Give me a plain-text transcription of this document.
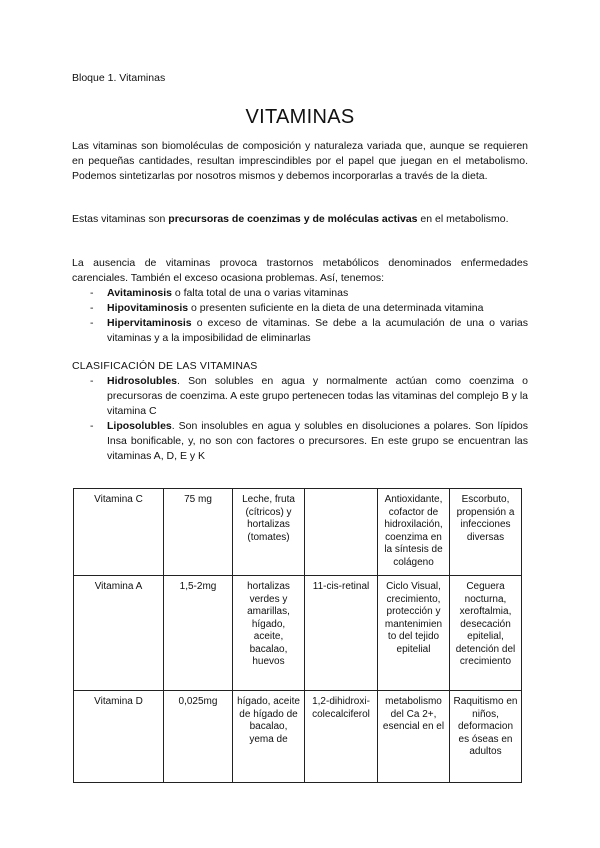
Bloque 1. Vitaminas
VITAMINAS
Las vitaminas son biomoléculas de composición y naturaleza variada que, aunque se requieren en pequeñas cantidades, resultan imprescindibles por el papel que juegan en el metabolismo. Podemos sintetizarlas por nosotros mismos y debemos incorporarlas a través de la dieta.
Estas vitaminas son precursoras de coenzimas y de moléculas activas en el metabolismo.
La ausencia de vitaminas provoca trastornos metabólicos denominados enfermedades carenciales. También el exceso ocasiona problemas. Así, tenemos:
- Avitaminosis o falta total de una o varias vitaminas
- Hipovitaminosis o presenten suficiente en la dieta de una determinada vitamina
- Hipervitaminosis o exceso de vitaminas. Se debe a la acumulación de una o varias vitaminas y a la imposibilidad de eliminarlas
CLASIFICACIÓN DE LAS VITAMINAS
- Hidrosolubles. Son solubles en agua y normalmente actúan como coenzima o precursoras de coenzima. A este grupo pertenecen todas las vitaminas del complejo B y la vitamina C
- Liposolubles. Son insolubles en agua y solubles en disoluciones a polares. Son lípidos Insa bonificable, y, no son con factores o precursores. En este grupo se encuentran las vitaminas A, D, E y K
Vitamina C	75 mg	Leche, fruta (cítricos) y hortalizas (tomates)		Antioxidante, cofactor de hidroxilación, coenzima en la síntesis de colágeno	Escorbuto, propensión a infecciones diversas
Vitamina A	1,5-2mg	hortalizas verdes y amarillas, hígado, aceite, bacalao, huevos	11-cis-retinal	Ciclo Visual, crecimiento, protección y mantenimien to del tejido epitelial	Ceguera nocturna, xeroftalmia, desecación epitelial, detención del crecimiento
Vitamina D	0,025mg	hígado, aceite de hígado de bacalao, yema de	1,2-dihidroxi-colecalciferol	metabolismo del Ca 2+, esencial en el	Raquitismo en niños, deformacion es óseas en adultos
